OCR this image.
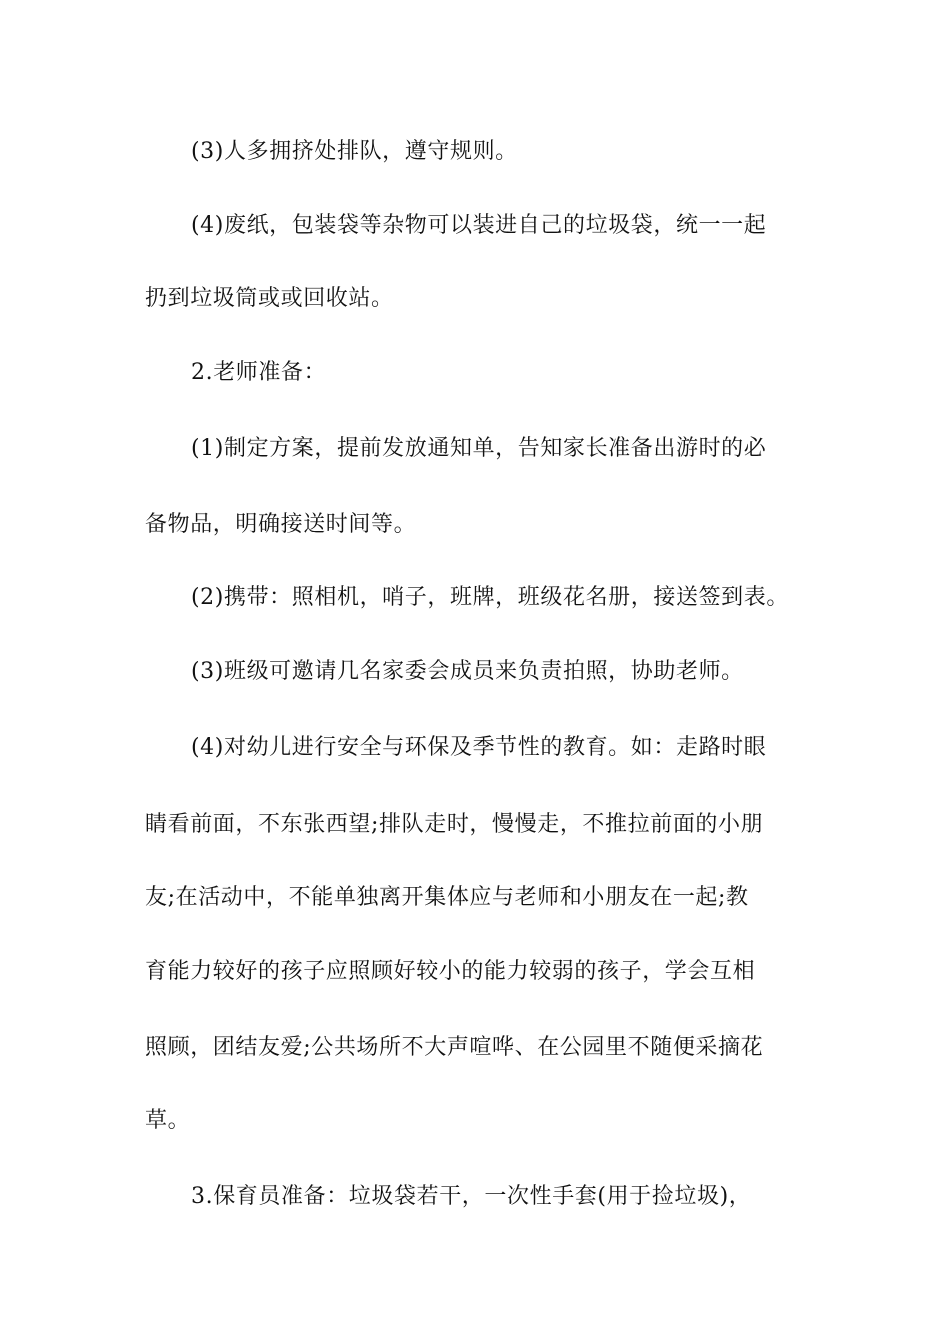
(3)人多拥挤处排队，遵守规则。
(4)废纸，包装袋等杂物可以装进自己的垃圾袋，统一一起
扔到垃圾筒或或回收站。
2.老师准备：
(1)制定方案，提前发放通知单，告知家长准备出游时的必
备物品，明确接送时间等。
(2)携带：照相机，哨子，班牌，班级花名册，接送签到表。
(3)班级可邀请几名家委会成员来负责拍照，协助老师。
(4)对幼儿进行安全与环保及季节性的教育。如：走路时眼
睛看前面，不东张西望;排队走时，慢慢走，不推拉前面的小朋
友;在活动中，不能单独离开集体应与老师和小朋友在一起;教
育能力较好的孩子应照顾好较小的能力较弱的孩子，学会互相
照顾，团结友爱;公共场所不大声喧哗、在公园里不随便采摘花
草。
3.保育员准备：垃圾袋若干，一次性手套(用于捡垃圾)，
